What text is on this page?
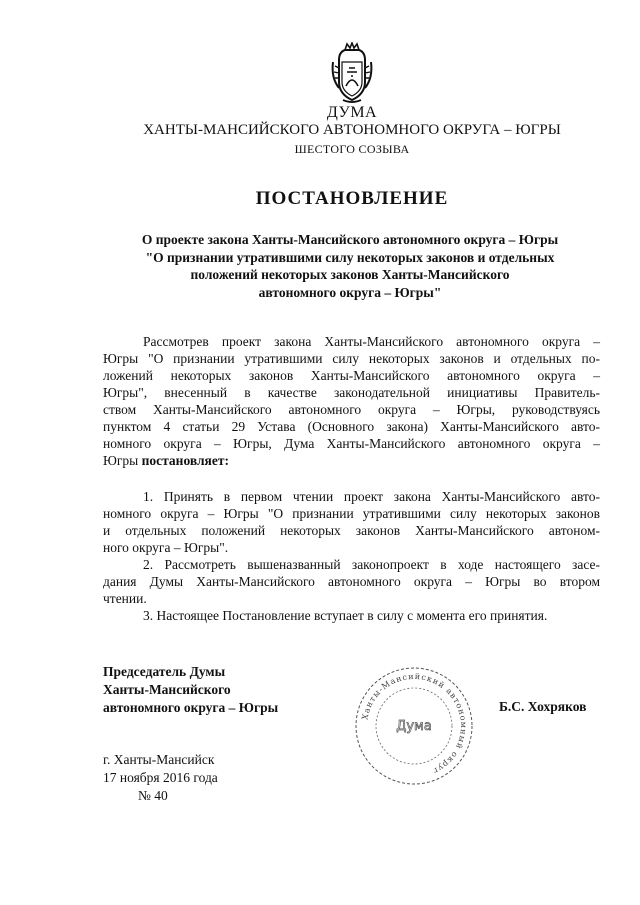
ДУМА
ХАНТЫ-МАНСИЙСКОГО АВТОНОМНОГО ОКРУГА – ЮГРЫ
ШЕСТОГО СОЗЫВА
ПОСТАНОВЛЕНИЕ
О проекте закона Ханты-Мансийского автономного округа – Югры
"О признании утратившими силу некоторых законов и отдельных
положений некоторых законов Ханты-Мансийского
автономного округа – Югры"
Рассмотрев проект закона Ханты-Мансийского автономного округа –
Югры "О признании утратившими силу некоторых законов и отдельных по-
ложений некоторых законов Ханты-Мансийского автономного округа –
Югры", внесенный в качестве законодательной инициативы Правитель-
ством Ханты-Мансийского автономного округа – Югры, руководствуясь
пунктом 4 статьи 29 Устава (Основного закона) Ханты-Мансийского авто-
номного округа – Югры, Дума Ханты-Мансийского автономного округа –
Югры постановляет:
1. Принять в первом чтении проект закона Ханты-Мансийского авто-
номного округа – Югры "О признании утратившими силу некоторых законов
и отдельных положений некоторых законов Ханты-Мансийского автоном-
ного округа – Югры".
2. Рассмотреть вышеназванный законопроект в ходе настоящего засе-
дания Думы Ханты-Мансийского автономного округа – Югры во втором
чтении.
3. Настоящее Постановление вступает в силу с момента его принятия.
Председатель Думы
Ханты-Мансийского
автономного округа – Югры
Ханты-Мансийский автономный округ
Дума
Б.С. Хохряков
г. Ханты-Мансийск
17 ноября 2016 года
№ 40
